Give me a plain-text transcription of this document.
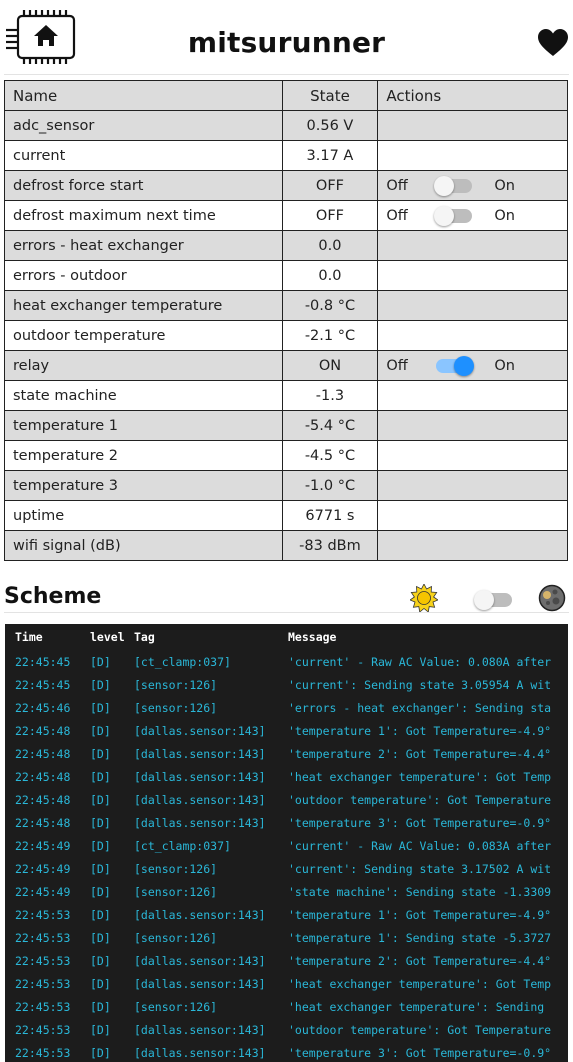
mitsurunner
Name	State	Actions
adc_sensor	0.56 V	
current	3.17 A	
defrost force start	OFF	Off On

defrost maximum next time	OFF	Off On

errors - heat exchanger	0.0	
errors - outdoor	0.0	
heat exchanger temperature	-0.8 °C	
outdoor temperature	-2.1 °C	
relay	ON	Off On

state machine	-1.3	
temperature 1	-5.4 °C	
temperature 2	-4.5 °C	
temperature 3	-1.0 °C	
uptime	6771 s	
wifi signal (dB)	-83 dBm	
Scheme
Time	level	Tag	Message
22:45:45	[D]	[ct_clamp:037]	'current' - Raw AC Value: 0.080A after
22:45:45	[D]	[sensor:126]	'current': Sending state 3.05954 A wit
22:45:46	[D]	[sensor:126]	'errors - heat exchanger': Sending sta
22:45:48	[D]	[dallas.sensor:143]	'temperature 1': Got Temperature=-4.9°
22:45:48	[D]	[dallas.sensor:143]	'temperature 2': Got Temperature=-4.4°
22:45:48	[D]	[dallas.sensor:143]	'heat exchanger temperature': Got Temp
22:45:48	[D]	[dallas.sensor:143]	'outdoor temperature': Got Temperature
22:45:48	[D]	[dallas.sensor:143]	'temperature 3': Got Temperature=-0.9°
22:45:49	[D]	[ct_clamp:037]	'current' - Raw AC Value: 0.083A after
22:45:49	[D]	[sensor:126]	'current': Sending state 3.17502 A wit
22:45:49	[D]	[sensor:126]	'state machine': Sending state -1.3309
22:45:53	[D]	[dallas.sensor:143]	'temperature 1': Got Temperature=-4.9°
22:45:53	[D]	[sensor:126]	'temperature 1': Sending state -5.3727
22:45:53	[D]	[dallas.sensor:143]	'temperature 2': Got Temperature=-4.4°
22:45:53	[D]	[dallas.sensor:143]	'heat exchanger temperature': Got Temp
22:45:53	[D]	[sensor:126]	'heat exchanger temperature': Sending
22:45:53	[D]	[dallas.sensor:143]	'outdoor temperature': Got Temperature
22:45:53	[D]	[dallas.sensor:143]	'temperature 3': Got Temperature=-0.9°
